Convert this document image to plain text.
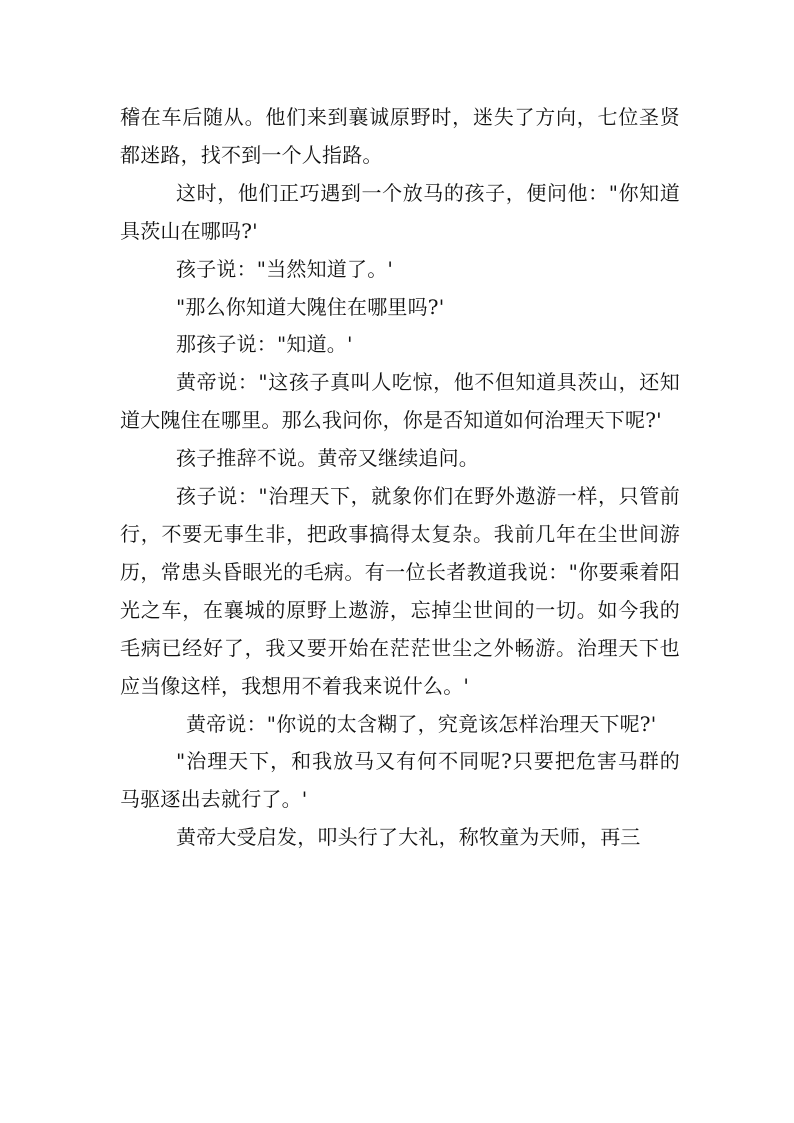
稽在车后随从。他们来到襄诚原野时，迷失了方向，七位圣贤都迷路，找不到一个人指路。

这时，他们正巧遇到一个放马的孩子，便问他："你知道具茨山在哪吗?'

孩子说："当然知道了。'

"那么你知道大隗住在哪里吗?'

那孩子说："知道。'

黄帝说："这孩子真叫人吃惊，他不但知道具茨山，还知道大隗住在哪里。那么我问你，你是否知道如何治理天下呢?'

孩子推辞不说。黄帝又继续追问。

孩子说："治理天下，就象你们在野外遨游一样，只管前行，不要无事生非，把政事搞得太复杂。我前几年在尘世间游历，常患头昏眼光的毛病。有一位长者教道我说："你要乘着阳光之车，在襄城的原野上遨游，忘掉尘世间的一切。如今我的毛病已经好了，我又要开始在茫茫世尘之外畅游。治理天下也应当像这样，我想用不着我来说什么。'

黄帝说："你说的太含糊了，究竟该怎样治理天下呢?'

"治理天下，和我放马又有何不同呢?只要把危害马群的马驱逐出去就行了。'

黄帝大受启发，叩头行了大礼，称牧童为天师，再三
